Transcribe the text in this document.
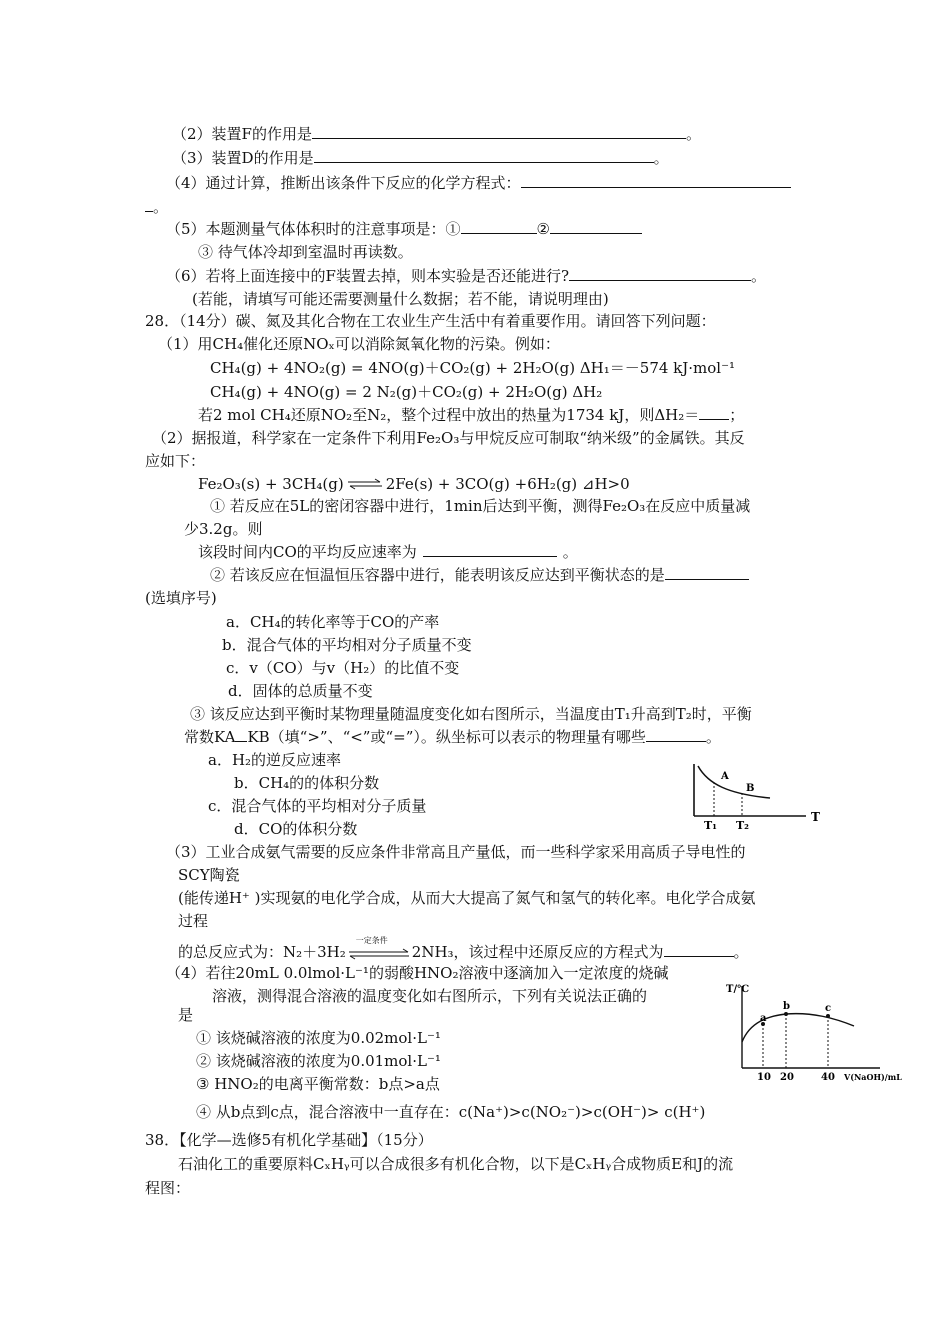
（2）装置F的作用是	。
（3）装置D的作用是	。
（4）通过计算，推断出该条件下反应的化学方程式：
。
（5）本题测量气体体积时的注意事项是：①	②
③ 待气体冷却到室温时再读数。
（6）若将上面连接中的F装置去掉，则本实验是否还能进行?	。
(若能，请填写可能还需要测量什么数据；若不能，请说明理由)
28．（14分）碳、氮及其化合物在工农业生产生活中有着重要作用。请回答下列问题：
（1）用CH₄催化还原NOₓ可以消除氮氧化物的污染。例如：
CH₄(g) + 4NO₂(g) = 4NO(g)＋CO₂(g) + 2H₂O(g) ΔH₁＝－574 kJ·mol⁻¹
CH₄(g) + 4NO(g) = 2 N₂(g)＋CO₂(g) + 2H₂O(g) ΔH₂
若2 mol CH₄还原NO₂至N₂，整个过程中放出的热量为1734 kJ，则ΔH₂＝ ；
（2）据报道，科学家在一定条件下利用Fe₂O₃与甲烷反应可制取“纳米级”的金属铁。其反
应如下：
Fe₂O₃(s) + 3CH₄(g) ⇌ 2Fe(s) + 3CO(g) +6H₂(g) ⊿H>0
① 若反应在5L的密闭容器中进行，1min后达到平衡，测得Fe₂O₃在反应中质量减
少3.2g。则
该段时间内CO的平均反应速率为	。
② 若该反应在恒温恒压容器中进行，能表明该反应达到平衡状态的是
(选填序号)
a．CH₄的转化率等于CO的产率
b．混合气体的平均相对分子质量不变
c．v（CO）与v（H₂）的比值不变
d．固体的总质量不变
③ 该反应达到平衡时某物理量随温度变化如右图所示，当温度由T₁升高到T₂时，平衡
常数KA KB（填“>”、“<”或“=”）。纵坐标可以表示的物理量有哪些	。
a．H₂的逆反应速率
b．CH₄的的体积分数
c．混合气体的平均相对分子质量
d．CO的体积分数
A
B
T₁ T₂
T
（3）工业合成氨气需要的反应条件非常高且产量低，而一些科学家采用高质子导电性的
SCY陶瓷
(能传递H⁺ )实现氨的电化学合成，从而大大提高了氮气和氢气的转化率。电化学合成氨
过程
的总反应式为：N₂＋3H₂
一定条件
2NH₃，该过程中还原反应的方程式为	。
（4）若往20mL 0.0lmol·L⁻¹的弱酸HNO₂溶液中逐滴加入一定浓度的烧碱
溶液，测得混合溶液的温度变化如右图所示，下列有关说法正确的
是
① 该烧碱溶液的浓度为0.02mol·L⁻¹
② 该烧碱溶液的浓度为0.01mol·L⁻¹
③ HNO₂的电离平衡常数：b点>a点
④ 从b点到c点，混合溶液中一直存在：c(Na⁺)>c(NO₂⁻)>c(OH⁻)> c(H⁺)
T/℃
a
b	c
10 20	40 V(NaOH)/mL
38．【化学—选修5有机化学基础】（15分）
石油化工的重要原料CₓHᵧ可以合成很多有机化合物，以下是CₓHᵧ合成物质E和J的流
程图：
